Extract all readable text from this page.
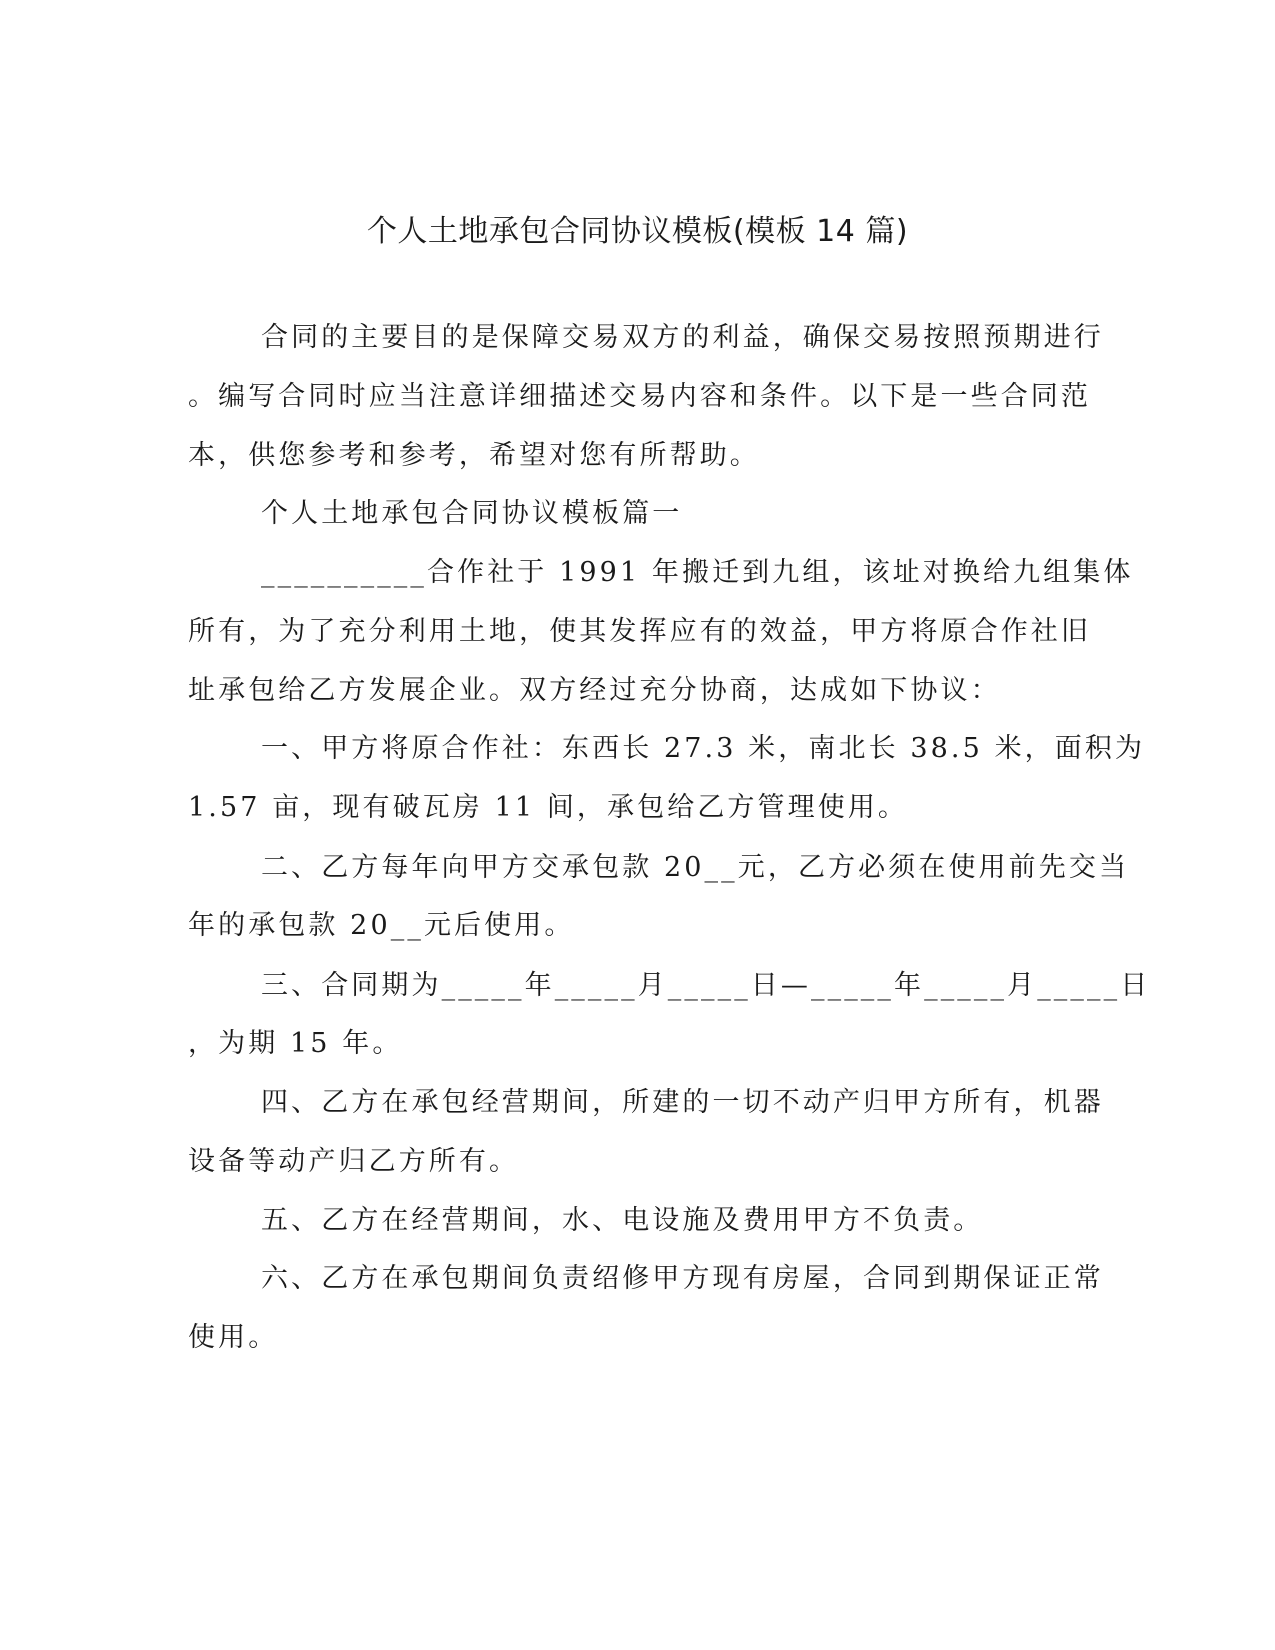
个人土地承包合同协议模板(模板 14 篇)
合同的主要目的是保障交易双方的利益，确保交易按照预期进行
。编写合同时应当注意详细描述交易内容和条件。以下是一些合同范
本，供您参考和参考，希望对您有所帮助。
个人土地承包合同协议模板篇一
__________合作社于 1991 年搬迁到九组，该址对换给九组集体
所有，为了充分利用土地，使其发挥应有的效益，甲方将原合作社旧
址承包给乙方发展企业。双方经过充分协商，达成如下协议：
一、甲方将原合作社：东西长 27.3 米，南北长 38.5 米，面积为
1.57 亩，现有破瓦房 11 间，承包给乙方管理使用。
二、乙方每年向甲方交承包款 20__元，乙方必须在使用前先交当
年的承包款 20__元后使用。
三、合同期为_____年_____月_____日—_____年_____月_____日
，为期 15 年。
四、乙方在承包经营期间，所建的一切不动产归甲方所有，机器
设备等动产归乙方所有。
五、乙方在经营期间，水、电设施及费用甲方不负责。
六、乙方在承包期间负责绍修甲方现有房屋，合同到期保证正常
使用。
